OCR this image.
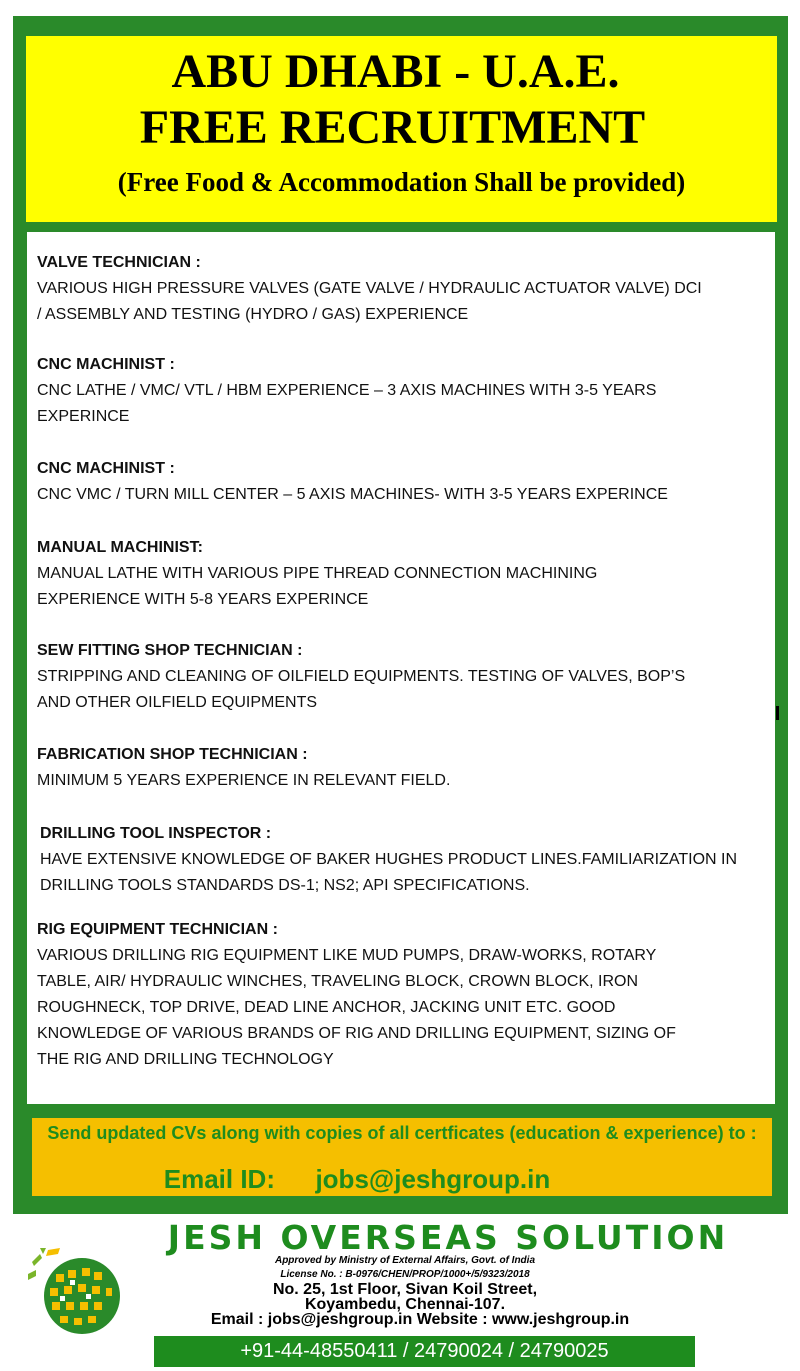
ABU DHABI - U.A.E.
FREE RECRUITMENT
(Free Food & Accommodation Shall be provided)
VALVE TECHNICIAN :
VARIOUS HIGH PRESSURE VALVES (GATE VALVE / HYDRAULIC ACTUATOR VALVE) DCI
/ ASSEMBLY AND TESTING (HYDRO / GAS) EXPERIENCE
CNC MACHINIST :
CNC LATHE / VMC/ VTL / HBM EXPERIENCE – 3 AXIS MACHINES WITH 3-5 YEARS
EXPERINCE
CNC MACHINIST :
CNC VMC / TURN MILL CENTER – 5 AXIS MACHINES- WITH 3-5 YEARS EXPERINCE
MANUAL MACHINIST:
MANUAL LATHE WITH VARIOUS PIPE THREAD CONNECTION MACHINING
EXPERIENCE WITH 5-8 YEARS EXPERINCE
SEW FITTING SHOP TECHNICIAN :
STRIPPING AND CLEANING OF OILFIELD EQUIPMENTS. TESTING OF VALVES, BOP’S
AND OTHER OILFIELD EQUIPMENTS
FABRICATION SHOP TECHNICIAN :
MINIMUM 5 YEARS EXPERIENCE IN RELEVANT FIELD.
DRILLING TOOL INSPECTOR :
HAVE EXTENSIVE KNOWLEDGE OF BAKER HUGHES PRODUCT LINES.FAMILIARIZATION IN
DRILLING TOOLS STANDARDS DS-1; NS2; API SPECIFICATIONS.
RIG EQUIPMENT TECHNICIAN :
VARIOUS DRILLING RIG EQUIPMENT LIKE MUD PUMPS, DRAW-WORKS, ROTARY
TABLE, AIR/ HYDRAULIC WINCHES, TRAVELING BLOCK, CROWN BLOCK, IRON
ROUGHNECK, TOP DRIVE, DEAD LINE ANCHOR, JACKING UNIT ETC. GOOD
KNOWLEDGE OF VARIOUS BRANDS OF RIG AND DRILLING EQUIPMENT, SIZING OF
THE RIG AND DRILLING TECHNOLOGY
Send updated CVs along with copies of all certficates (education & experience) to :
Email ID: jobs@jeshgroup.in
JESH OVERSEAS SOLUTION
Approved by Ministry of External Affairs, Govt. of India
License No. : B-0976/CHEN/PROP/1000+/5/9323/2018
No. 25, 1st Floor, Sivan Koil Street,
Koyambedu, Chennai-107.
Email : jobs@jeshgroup.in Website : www.jeshgroup.in
+91-44-48550411 / 24790024 / 24790025
